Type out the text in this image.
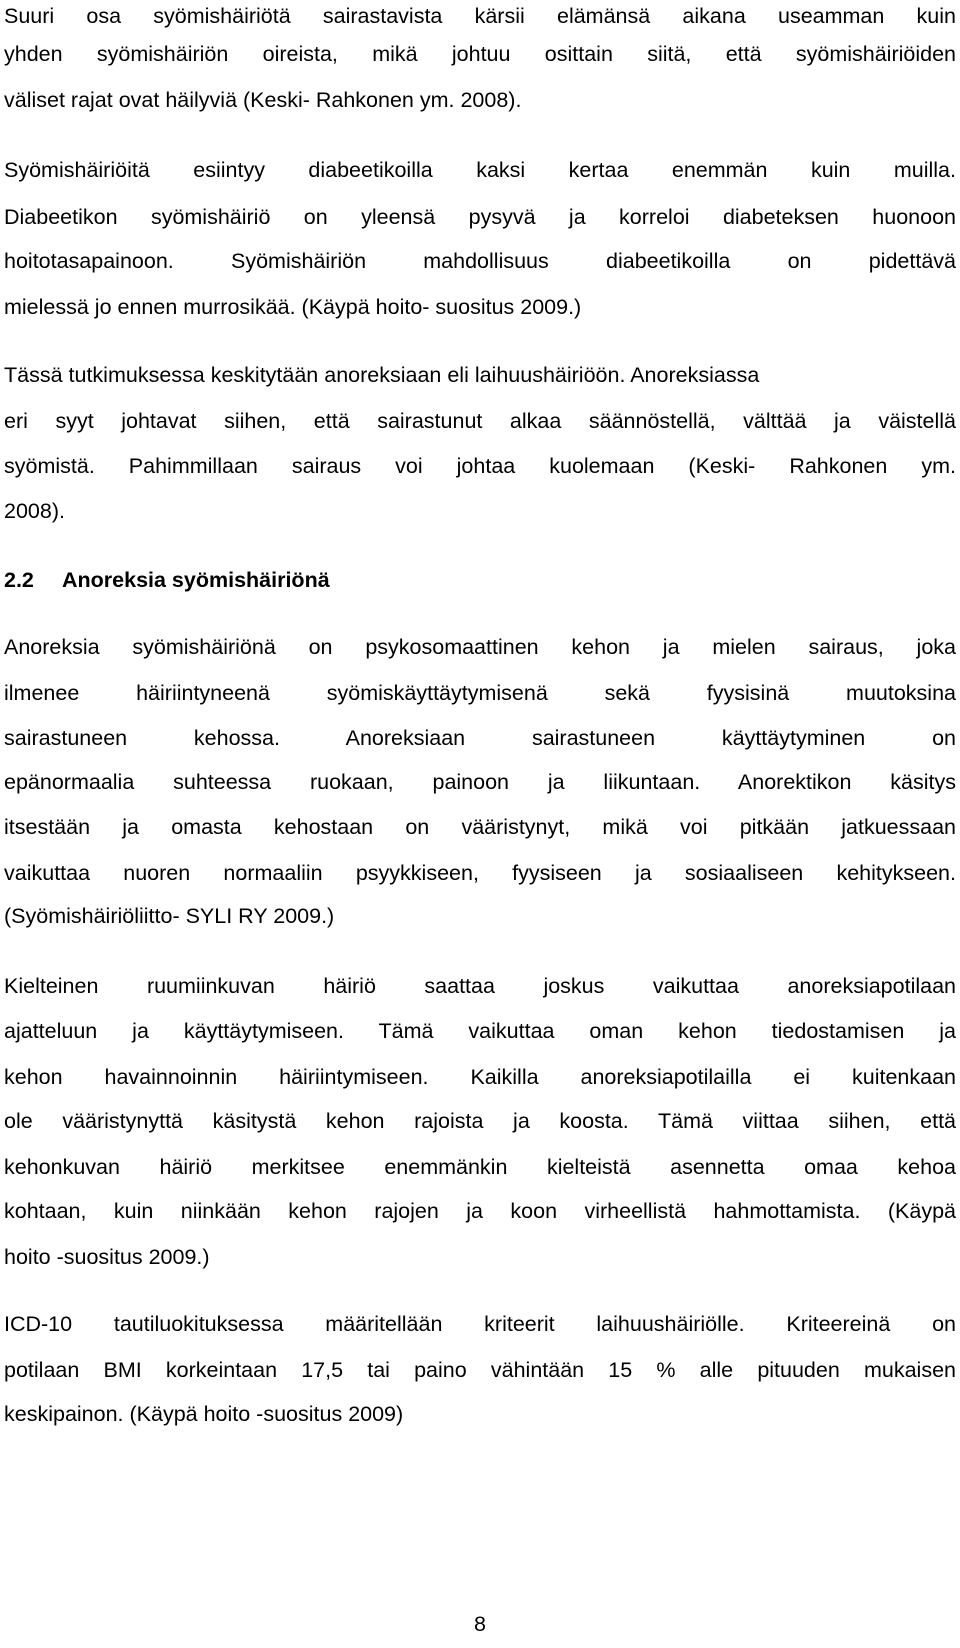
Suuri osa syömishäiriötä sairastavista kärsii elämänsä aikana useamman kuin
yhden syömishäiriön oireista, mikä johtuu osittain siitä, että syömishäiriöiden
väliset rajat ovat häilyviä (Keski- Rahkonen ym. 2008).
Syömishäiriöitä esiintyy diabeetikoilla kaksi kertaa enemmän kuin muilla.
Diabeetikon syömishäiriö on yleensä pysyvä ja korreloi diabeteksen huonoon
hoitotasapainoon. Syömishäiriön mahdollisuus diabeetikoilla on pidettävä
mielessä jo ennen murrosikää. (Käypä hoito- suositus 2009.)
Tässä tutkimuksessa keskitytään anoreksiaan eli laihuushäiriöön. Anoreksiassa
eri syyt johtavat siihen, että sairastunut alkaa säännöstellä, välttää ja väistellä
syömistä. Pahimmillaan sairaus voi johtaa kuolemaan (Keski- Rahkonen ym.
2008).
2.2 Anoreksia syömishäiriönä
Anoreksia syömishäiriönä on psykosomaattinen kehon ja mielen sairaus, joka
ilmenee häiriintyneenä syömiskäyttäytymisenä sekä fyysisinä muutoksina
sairastuneen kehossa. Anoreksiaan sairastuneen käyttäytyminen on
epänormaalia suhteessa ruokaan, painoon ja liikuntaan. Anorektikon käsitys
itsestään ja omasta kehostaan on vääristynyt, mikä voi pitkään jatkuessaan
vaikuttaa nuoren normaaliin psyykkiseen, fyysiseen ja sosiaaliseen kehitykseen.
(Syömishäiriöliitto- SYLI RY 2009.)
Kielteinen ruumiinkuvan häiriö saattaa joskus vaikuttaa anoreksiapotilaan
ajatteluun ja käyttäytymiseen. Tämä vaikuttaa oman kehon tiedostamisen ja
kehon havainnoinnin häiriintymiseen. Kaikilla anoreksiapotilailla ei kuitenkaan
ole vääristynyttä käsitystä kehon rajoista ja koosta. Tämä viittaa siihen, että
kehonkuvan häiriö merkitsee enemmänkin kielteistä asennetta omaa kehoa
kohtaan, kuin niinkään kehon rajojen ja koon virheellistä hahmottamista. (Käypä
hoito -suositus 2009.)
ICD-10 tautiluokituksessa määritellään kriteerit laihuushäiriölle. Kriteereinä on
potilaan BMI korkeintaan 17,5 tai paino vähintään 15 % alle pituuden mukaisen
keskipainon. (Käypä hoito -suositus 2009)
8
